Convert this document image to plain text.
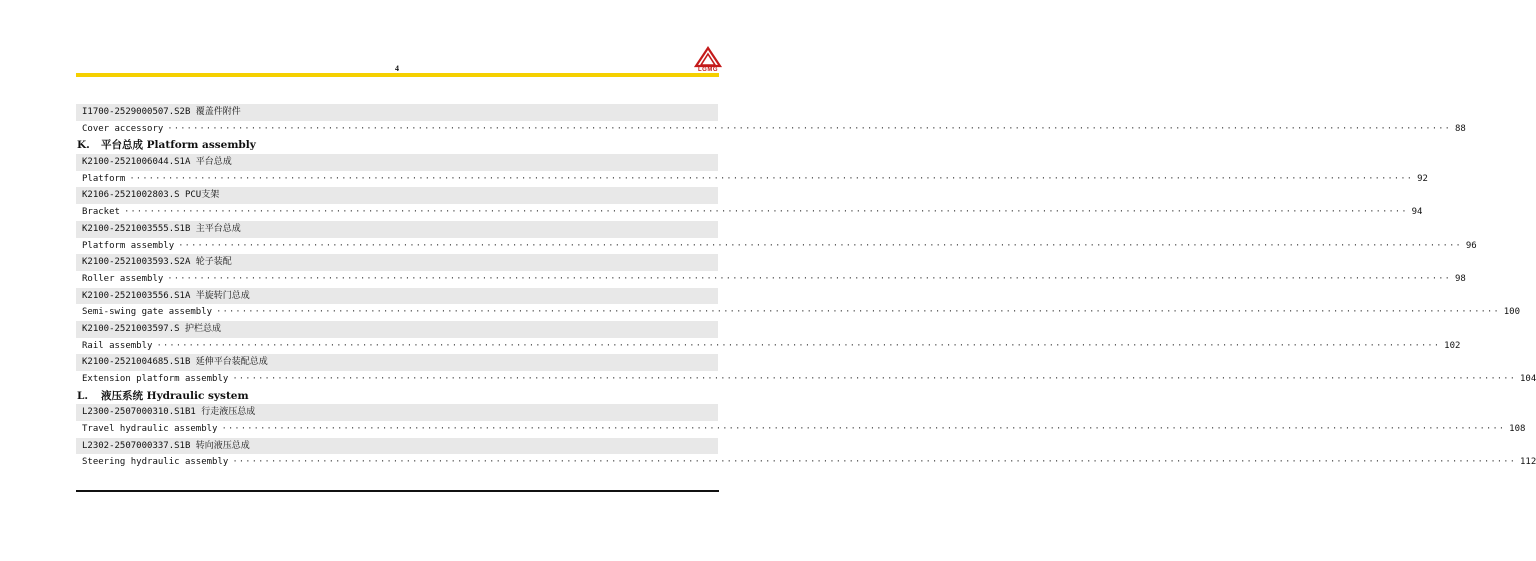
4	LGMG
I1700-2529000507.S2B 覆盖件附件
Cover accessory ········································································································································································································ 88
K. 平台总成 Platform assembly
K2100-2521006044.S1A 平台总成
Platform ········································································································································································································ 92
K2106-2521002803.S PCU支架
Bracket ········································································································································································································ 94
K2100-2521003555.S1B 主平台总成
Platform assembly ········································································································································································································ 96
K2100-2521003593.S2A 轮子装配
Roller assembly ········································································································································································································ 98
K2100-2521003556.S1A 半旋转门总成
Semi-swing gate assembly ········································································································································································································ 100
K2100-2521003597.S 护栏总成
Rail assembly ········································································································································································································ 102
K2100-2521004685.S1B 延伸平台装配总成
Extension platform assembly ········································································································································································································ 104
L. 液压系统 Hydraulic system
L2300-2507000310.S1B1 行走液压总成
Travel hydraulic assembly ········································································································································································································ 108
L2302-2507000337.S1B 转向液压总成
Steering hydraulic assembly ········································································································································································································ 112
